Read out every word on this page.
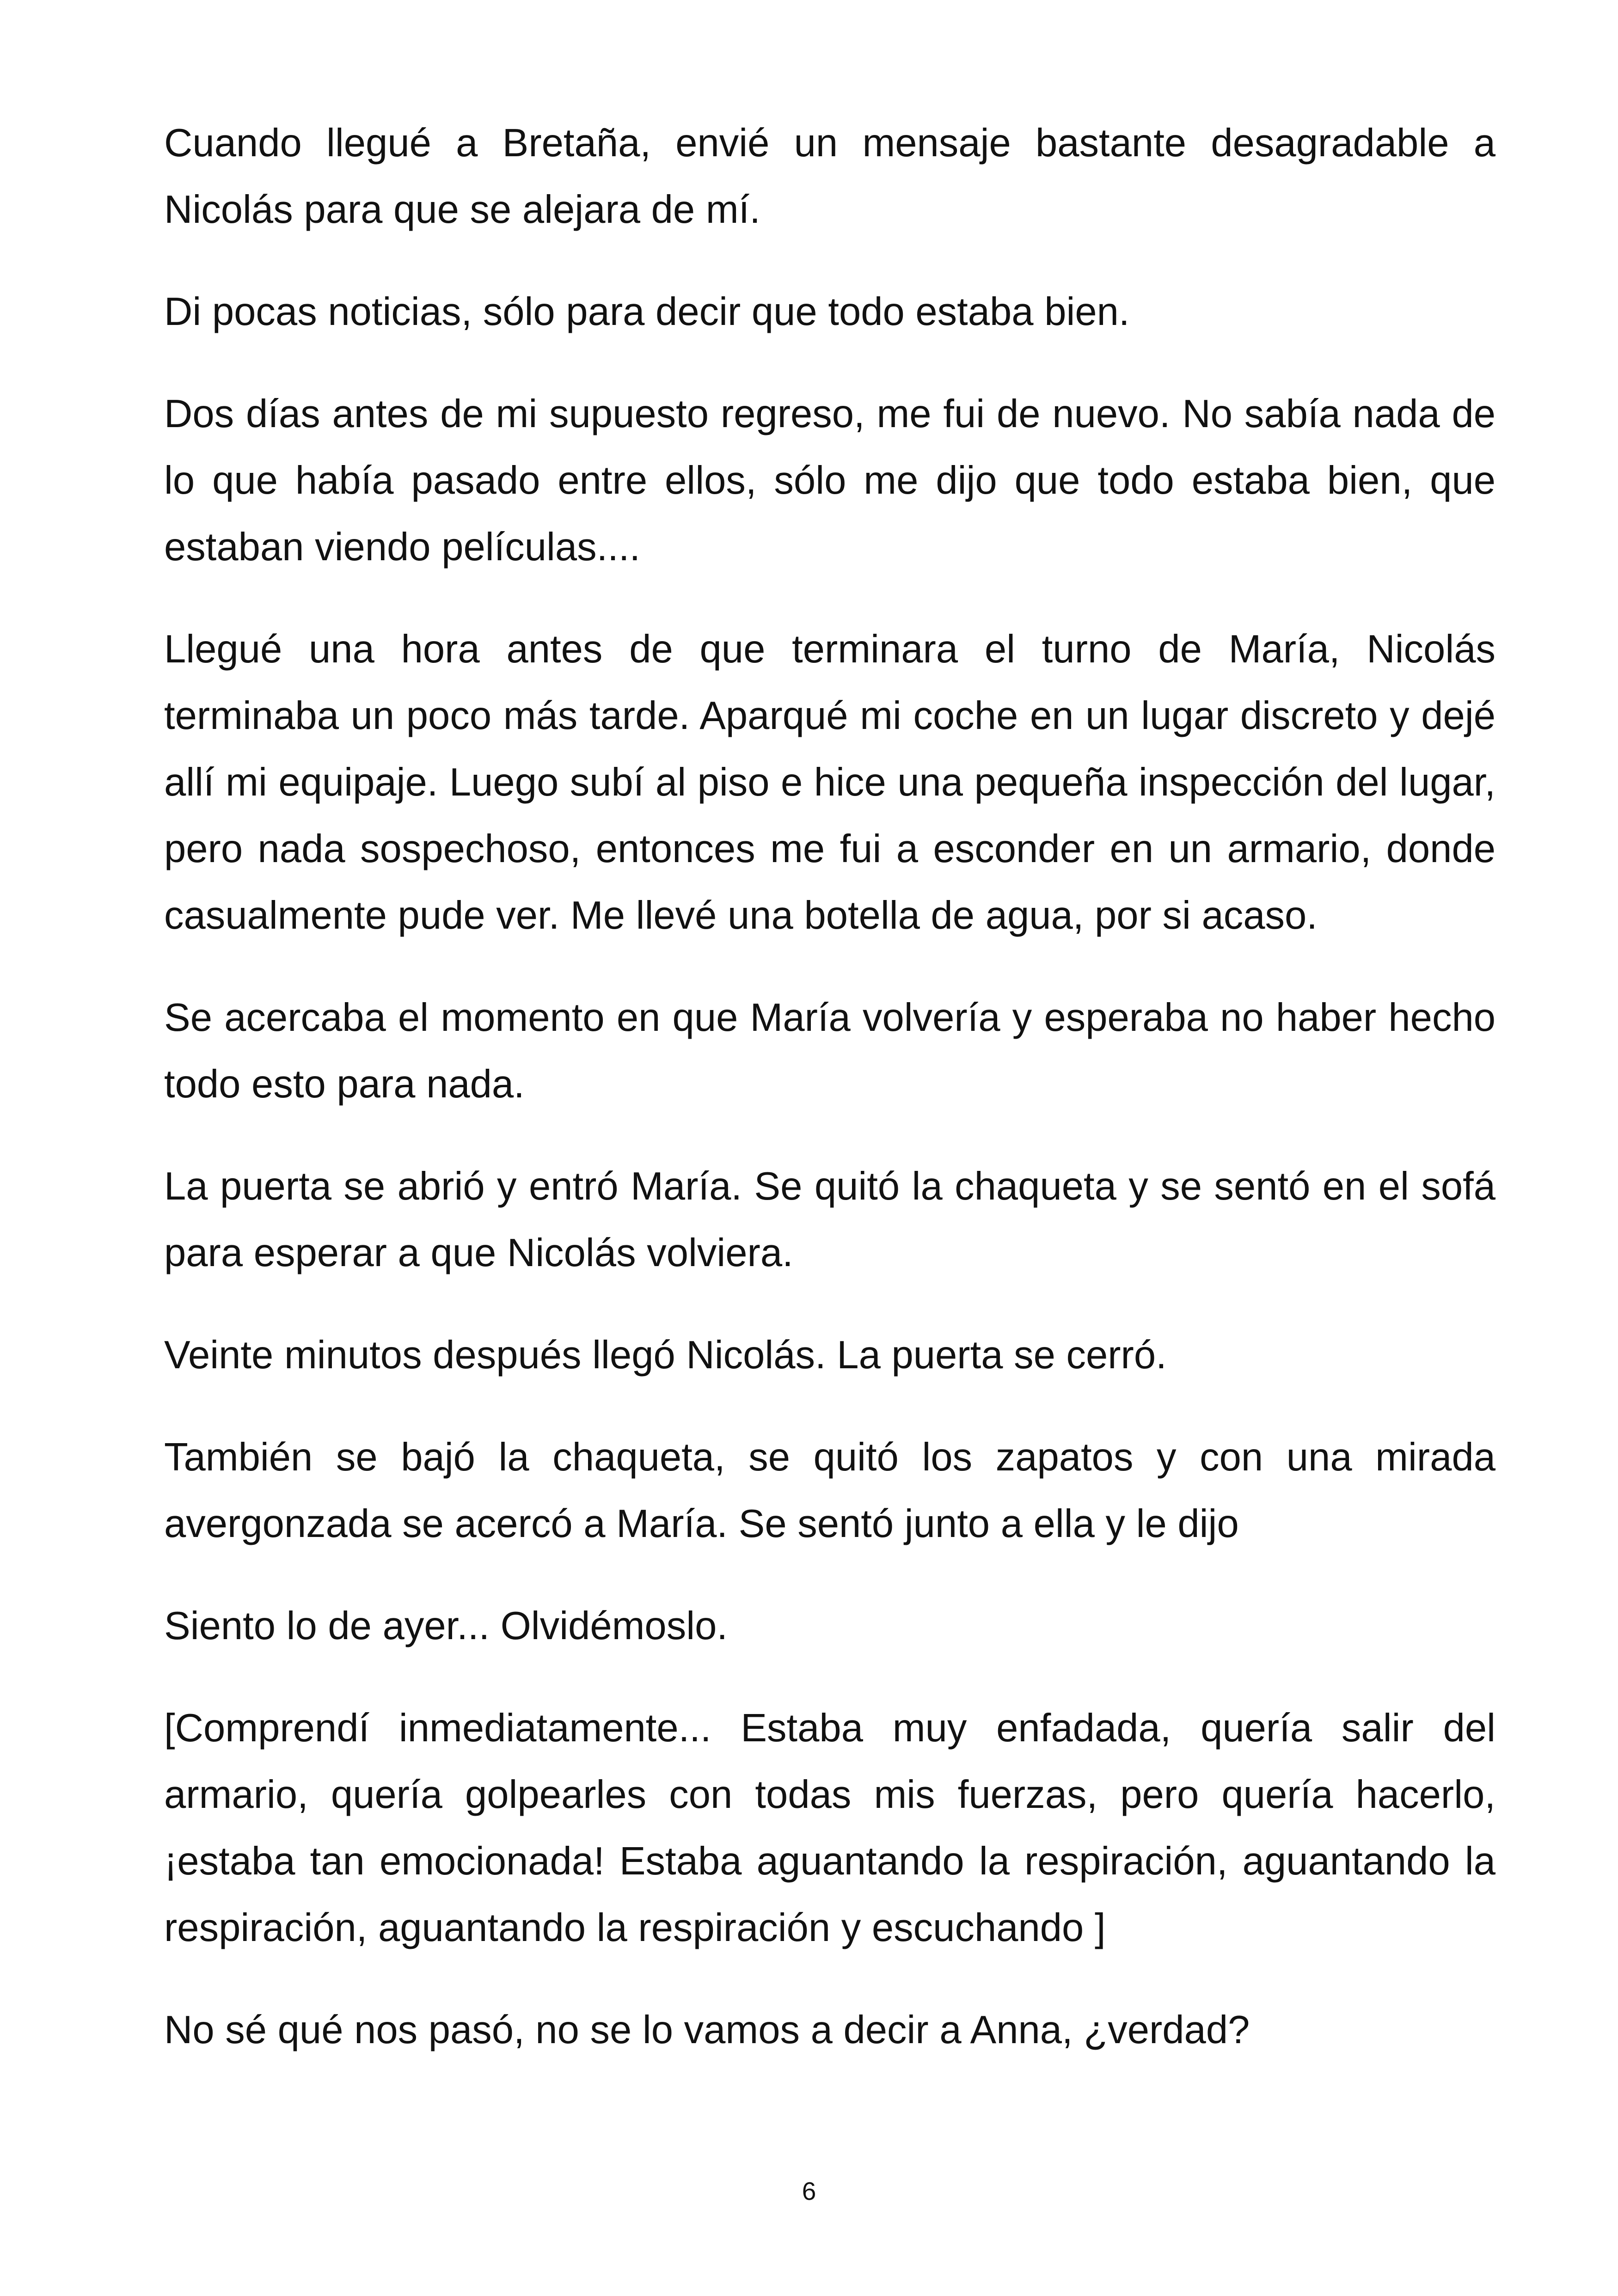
Cuando llegué a Bretaña, envié un mensaje bastante desagradable a Nicolás para que se alejara de mí.

Di pocas noticias, sólo para decir que todo estaba bien.

Dos días antes de mi supuesto regreso, me fui de nuevo. No sabía nada de lo que había pasado entre ellos, sólo me dijo que todo estaba bien, que estaban viendo películas....

Llegué una hora antes de que terminara el turno de María, Nicolás terminaba un poco más tarde. Aparqué mi coche en un lugar discreto y dejé allí mi equipaje. Luego subí al piso e hice una pequeña inspección del lugar, pero nada sospechoso, entonces me fui a esconder en un armario, donde casualmente pude ver. Me llevé una botella de agua, por si acaso.

Se acercaba el momento en que María volvería y esperaba no haber hecho todo esto para nada.

La puerta se abrió y entró María. Se quitó la chaqueta y se sentó en el sofá para esperar a que Nicolás volviera.

Veinte minutos después llegó Nicolás. La puerta se cerró.

También se bajó la chaqueta, se quitó los zapatos y con una mirada avergonzada se acercó a María. Se sentó junto a ella y le dijo

Siento lo de ayer... Olvidémoslo.

[Comprendí inmediatamente... Estaba muy enfadada, quería salir del armario, quería golpearles con todas mis fuerzas, pero quería hacerlo, ¡estaba tan emocionada! Estaba aguantando la respiración, aguantando la respiración, aguantando la respiración y escuchando ]

No sé qué nos pasó, no se lo vamos a decir a Anna, ¿verdad?

6
